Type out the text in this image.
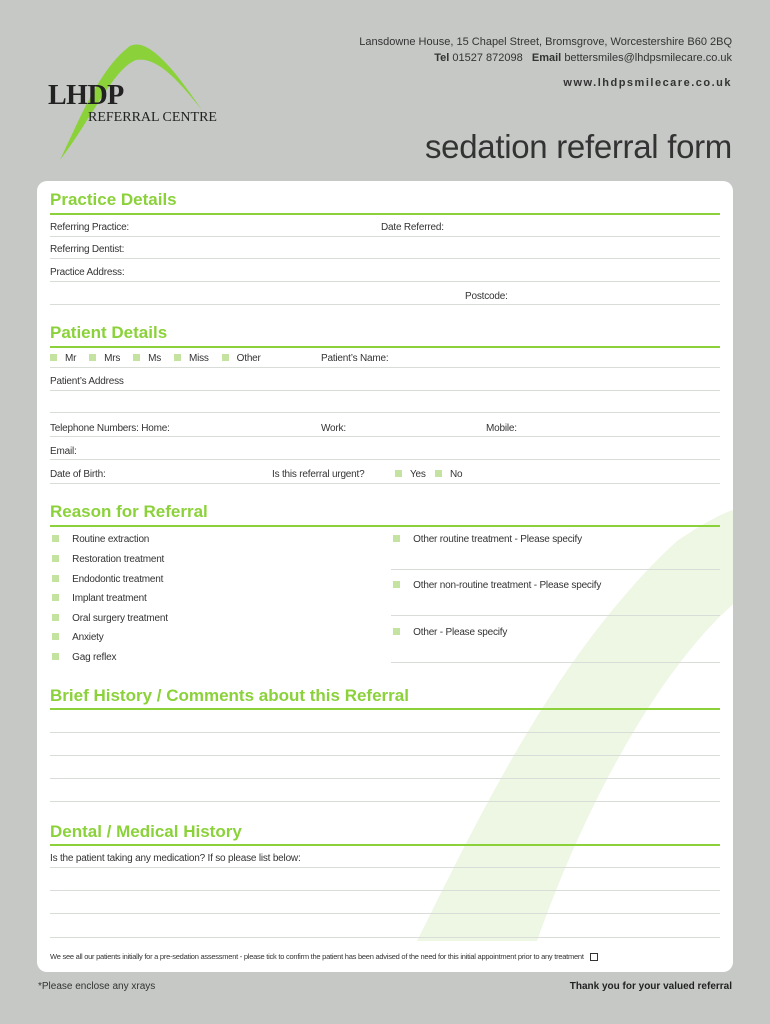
LHDP
REFERRAL CENTRE
Lansdowne House, 15 Chapel Street, Bromsgrove, Worcestershire B60 2BQ
Tel 01527 872098 Email bettersmiles@lhdpsmilecare.co.uk
www.lhdpsmilecare.co.uk
sedation referral form
Practice Details
Referring Practice:	Date Referred:
Referring Dentist:
Practice Address:
Postcode:
Patient Details
Mr	Mrs	Ms	Miss	Other	Patient’s Name:
Patient’s Address
Telephone Numbers: Home:	Work:	Mobile:
Email:
Date of Birth:	Is this referral urgent?	Yes	No
Reason for Referral
Routine extraction
Restoration treatment
Endodontic treatment
Implant treatment
Oral surgery treatment
Anxiety
Gag reflex
Other routine treatment - Please specify
Other non-routine treatment - Please specify
Other - Please specify
Brief History / Comments about this Referral
Dental / Medical History
Is the patient taking any medication? If so please list below:
We see all our patients initially for a pre-sedation assessment - please tick to confirm the patient has been advised of the need for this initial appointment prior to any treatment
*Please enclose any xrays	Thank you for your valued referral
